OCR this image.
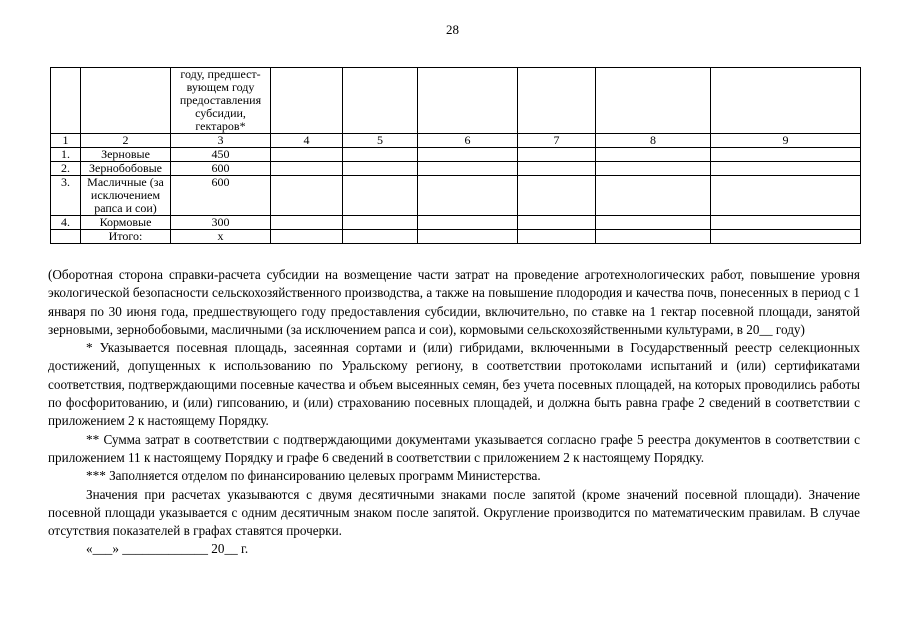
28
		году, предшест-вующем году предоставления субсидии, гектаров*						
1	2	3	4	5	6	7	8	9
1.	Зерновые	450						
2.	Зернобобовые	600						
3.	Масличные (за исключением рапса и сои)	600						
4.	Кормовые	300						
	Итого:	х						

(Оборотная сторона справки-расчета субсидии на возмещение части затрат на проведение агротехнологических работ, повышение уровня экологической безопасности сельскохозяйственного производства, а также на повышение плодородия и качества почв, понесенных в период с 1 января по 30 июня года, предшествующего году предоставления субсидии, включительно, по ставке на 1 гектар посевной площади, занятой зерновыми, зернобобовыми, масличными (за исключением рапса и сои), кормовыми сельскохозяйственными культурами, в 20__ году)

* Указывается посевная площадь, засеянная сортами и (или) гибридами, включенными в Государственный реестр селекционных достижений, допущенных к использованию по Уральскому региону, в соответствии протоколами испытаний и (или) сертификатами соответствия, подтверждающими посевные качества и объем высеянных семян, без учета посевных площадей, на которых проводились работы по фосфоритованию, и (или) гипсованию, и (или) страхованию посевных площадей, и должна быть равна графе 2 сведений в соответствии с приложением 2 к настоящему Порядку.

** Сумма затрат в соответствии с подтверждающими документами указывается согласно графе 5 реестра документов в соответствии с приложением 11 к настоящему Порядку и графе 6 сведений в соответствии с приложением 2 к настоящему Порядку.

*** Заполняется отделом по финансированию целевых программ Министерства.

Значения при расчетах указываются с двумя десятичными знаками после запятой (кроме значений посевной площади). Значение посевной площади указывается с одним десятичным знаком после запятой. Округление производится по математическим правилам. В случае отсутствия показателей в графах ставятся прочерки.

«___» _____________ 20__ г.
